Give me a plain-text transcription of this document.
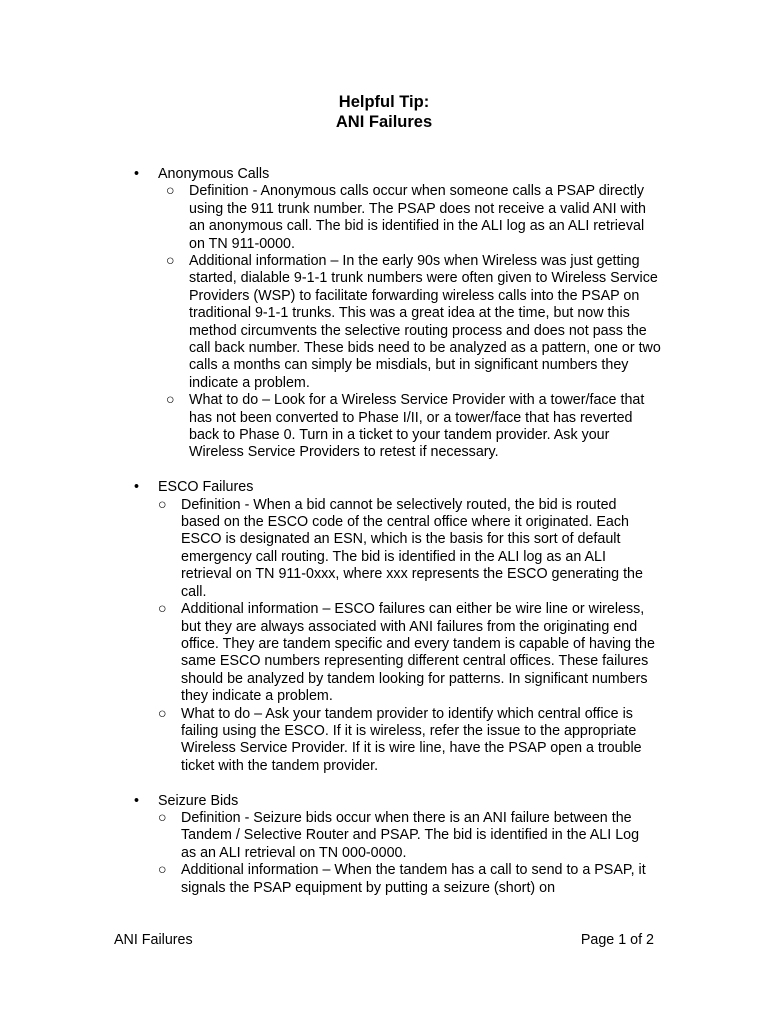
Helpful Tip:
ANI Failures
• Anonymous Calls
○ Definition - Anonymous calls occur when someone calls a PSAP directly using the 911 trunk number. The PSAP does not receive a valid ANI with an anonymous call. The bid is identified in the ALI log as an ALI retrieval on TN 911-0000.
○ Additional information – In the early 90s when Wireless was just getting started, dialable 9-1-1 trunk numbers were often given to Wireless Service Providers (WSP) to facilitate forwarding wireless calls into the PSAP on traditional 9-1-1 trunks. This was a great idea at the time, but now this method circumvents the selective routing process and does not pass the call back number. These bids need to be analyzed as a pattern, one or two calls a months can simply be misdials, but in significant numbers they indicate a problem.
○ What to do – Look for a Wireless Service Provider with a tower/face that has not been converted to Phase I/II, or a tower/face that has reverted back to Phase 0. Turn in a ticket to your tandem provider. Ask your Wireless Service Providers to retest if necessary.
• ESCO Failures
○ Definition - When a bid cannot be selectively routed, the bid is routed based on the ESCO code of the central office where it originated. Each ESCO is designated an ESN, which is the basis for this sort of default emergency call routing. The bid is identified in the ALI log as an ALI retrieval on TN 911-0xxx, where xxx represents the ESCO generating the call.
○ Additional information – ESCO failures can either be wire line or wireless, but they are always associated with ANI failures from the originating end office. They are tandem specific and every tandem is capable of having the same ESCO numbers representing different central offices. These failures should be analyzed by tandem looking for patterns. In significant numbers they indicate a problem.
○ What to do – Ask your tandem provider to identify which central office is failing using the ESCO. If it is wireless, refer the issue to the appropriate Wireless Service Provider. If it is wire line, have the PSAP open a trouble ticket with the tandem provider.
• Seizure Bids
○ Definition - Seizure bids occur when there is an ANI failure between the Tandem / Selective Router and PSAP. The bid is identified in the ALI Log as an ALI retrieval on TN 000-0000.
○ Additional information – When the tandem has a call to send to a PSAP, it signals the PSAP equipment by putting a seizure (short) on
ANI Failures	Page 1 of 2
